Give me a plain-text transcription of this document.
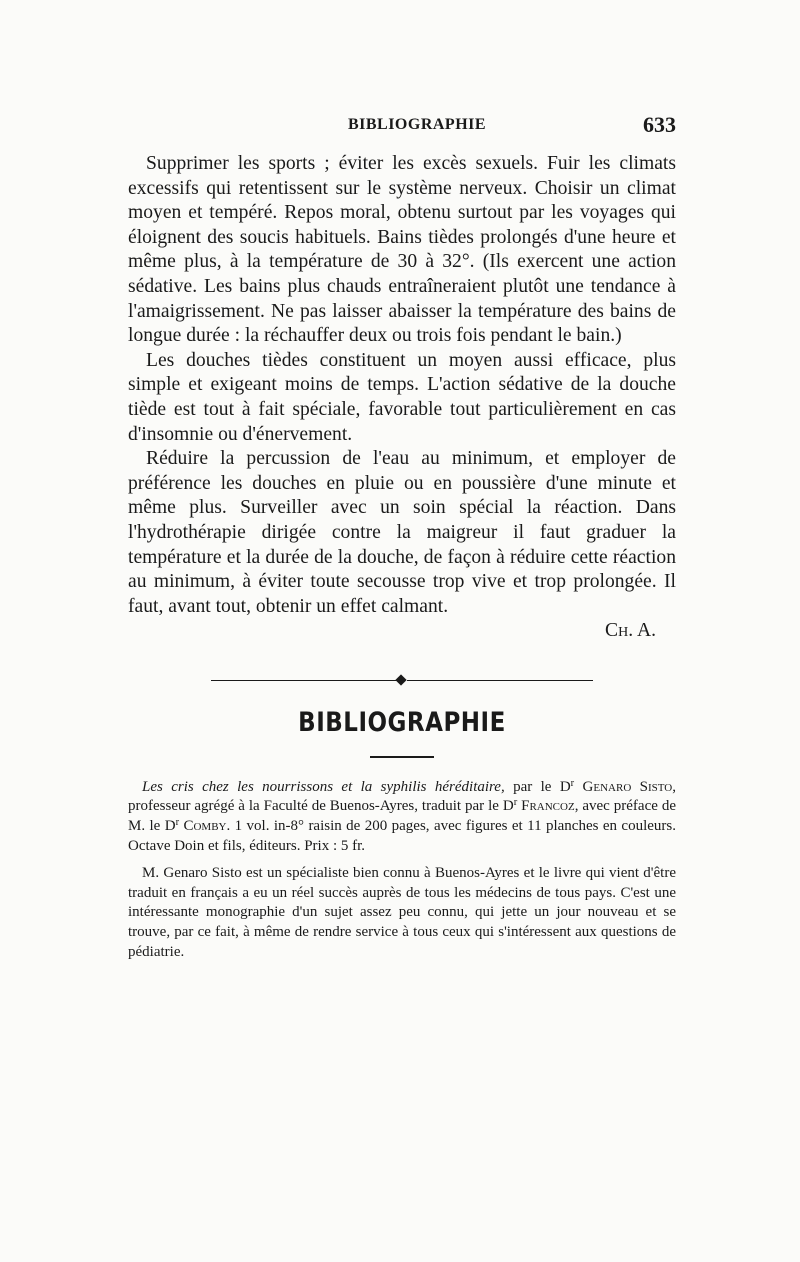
BIBLIOGRAPHIE	633

Supprimer les sports ; éviter les excès sexuels. Fuir les climats excessifs qui retentissent sur le système nerveux. Choisir un climat moyen et tempéré. Repos moral, obtenu surtout par les voyages qui éloignent des soucis habituels. Bains tièdes prolongés d'une heure et même plus, à la température de 30 à 32°. (Ils exercent une action sédative. Les bains plus chauds entraîneraient plutôt une tendance à l'amaigrissement. Ne pas laisser abaisser la température des bains de longue durée : la réchauffer deux ou trois fois pendant le bain.)

Les douches tièdes constituent un moyen aussi efficace, plus simple et exigeant moins de temps. L'action sédative de la douche tiède est tout à fait spéciale, favorable tout particulièrement en cas d'insomnie ou d'énervement.

Réduire la percussion de l'eau au minimum, et employer de préférence les douches en pluie ou en poussière d'une minute et même plus. Surveiller avec un soin spécial la réaction. Dans l'hydrothérapie dirigée contre la maigreur il faut graduer la température et la durée de la douche, de façon à réduire cette réaction au minimum, à éviter toute secousse trop vive et trop prolongée. Il faut, avant tout, obtenir un effet calmant.

Ch. A.
BIBLIOGRAPHIE

Les cris chez les nourrissons et la syphilis héréditaire, par le $D^r$ Genaro Sisto, professeur agrégé à la Faculté de Buenos-Ayres, traduit par le $D^r$ Francoz, avec préface de M. le $D^r$ Comby. 1 vol. in-8° raisin de 200 pages, avec figures et 11 planches en couleurs. Octave Doin et fils, éditeurs. Prix : 5 fr.

M. Genaro Sisto est un spécialiste bien connu à Buenos-Ayres et le livre qui vient d'être traduit en français a eu un réel succès auprès de tous les médecins de tous pays. C'est une intéressante monographie d'un sujet assez peu connu, qui jette un jour nouveau et se trouve, par ce fait, à même de rendre service à tous ceux qui s'intéressent aux questions de pédiatrie.
